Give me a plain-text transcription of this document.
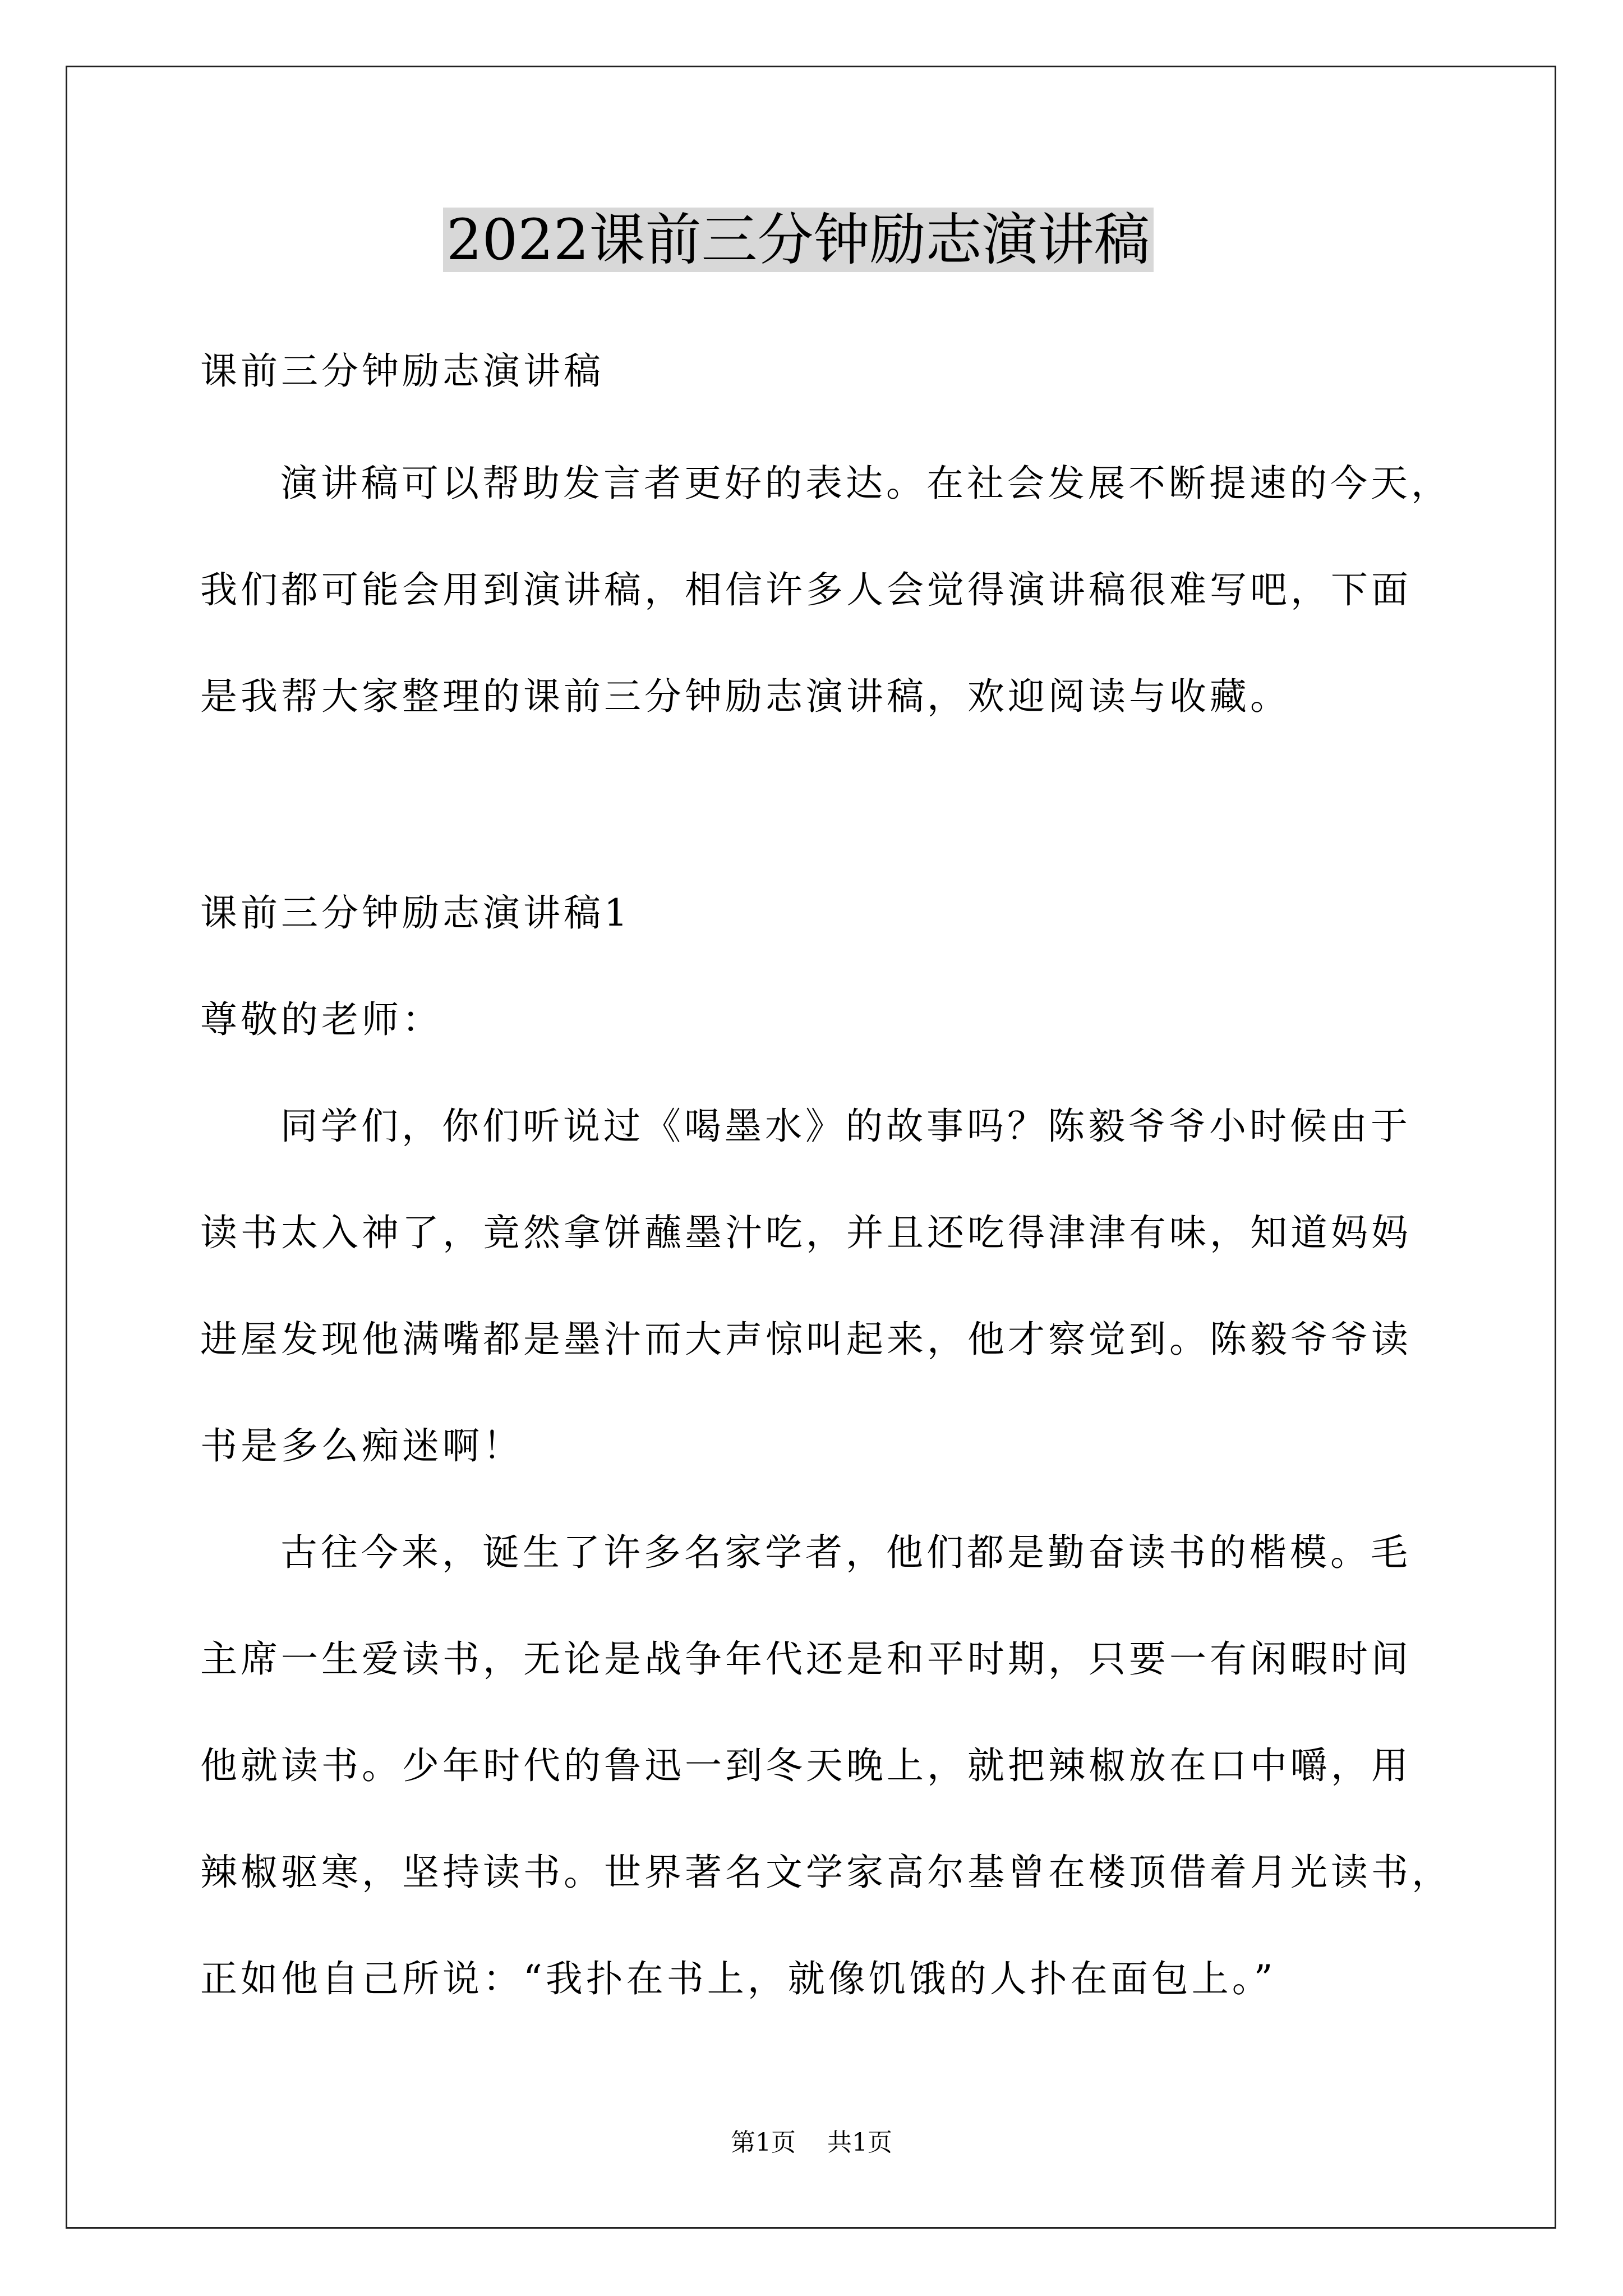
2022课前三分钟励志演讲稿
课前三分钟励志演讲稿
演讲稿可以帮助发言者更好的表达。在社会发展不断提速的今天，
我们都可能会用到演讲稿，相信许多人会觉得演讲稿很难写吧，下面
是我帮大家整理的课前三分钟励志演讲稿，欢迎阅读与收藏。
课前三分钟励志演讲稿1
尊敬的老师：
同学们，你们听说过《喝墨水》的故事吗？陈毅爷爷小时候由于
读书太入神了，竟然拿饼蘸墨汁吃，并且还吃得津津有味，知道妈妈
进屋发现他满嘴都是墨汁而大声惊叫起来，他才察觉到。陈毅爷爷读
书是多么痴迷啊！
古往今来，诞生了许多名家学者，他们都是勤奋读书的楷模。毛
主席一生爱读书，无论是战争年代还是和平时期，只要一有闲暇时间
他就读书。少年时代的鲁迅一到冬天晚上，就把辣椒放在口中嚼，用
辣椒驱寒，坚持读书。世界著名文学家高尔基曾在楼顶借着月光读书，
正如他自己所说：“我扑在书上，就像饥饿的人扑在面包上。”
第1页 共1页
